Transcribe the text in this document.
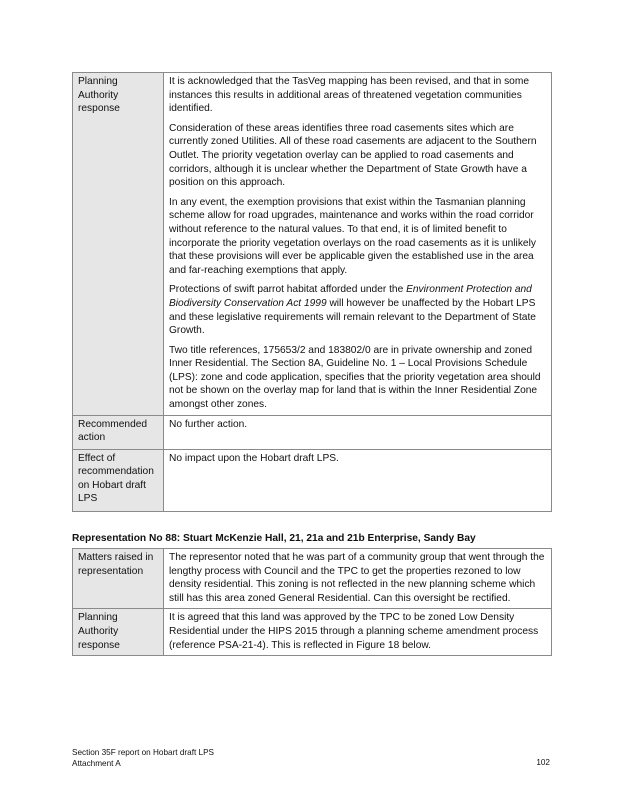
Planning Authority response	It is acknowledged that the TasVeg mapping has been revised, and that in some instances this results in additional areas of threatened vegetation communities identified.

Consideration of these areas identifies three road casements sites which are currently zoned Utilities. All of these road casements are adjacent to the Southern Outlet. The priority vegetation overlay can be applied to road casements and corridors, although it is unclear whether the Department of State Growth have a position on this approach.

In any event, the exemption provisions that exist within the Tasmanian planning scheme allow for road upgrades, maintenance and works within the road corridor without reference to the natural values. To that end, it is of limited benefit to incorporate the priority vegetation overlays on the road casements as it is unlikely that these provisions will ever be applicable given the established use in the area and far-reaching exemptions that apply.

Protections of swift parrot habitat afforded under the Environment Protection and Biodiversity Conservation Act 1999 will however be unaffected by the Hobart LPS and these legislative requirements will remain relevant to the Department of State Growth.

Two title references, 175653/2 and 183802/0 are in private ownership and zoned Inner Residential. The Section 8A, Guideline No. 1 – Local Provisions Schedule (LPS): zone and code application, specifies that the priority vegetation area should not be shown on the overlay map for land that is within the Inner Residential Zone amongst other zones.

Recommended action	No further action.
Effect of recommendation on Hobart draft LPS	No impact upon the Hobart draft LPS.
Representation No 88: Stuart McKenzie Hall, 21, 21a and 21b Enterprise, Sandy Bay
Matters raised in representation	The representor noted that he was part of a community group that went through the lengthy process with Council and the TPC to get the properties rezoned to low density residential. This zoning is not reflected in the new planning scheme which still has this area zoned General Residential. Can this oversight be rectified.
Planning Authority response	It is agreed that this land was approved by the TPC to be zoned Low Density Residential under the HIPS 2015 through a planning scheme amendment process (reference PSA-21-4). This is reflected in Figure 18 below.
Section 35F report on Hobart draft LPS
Attachment A	102
